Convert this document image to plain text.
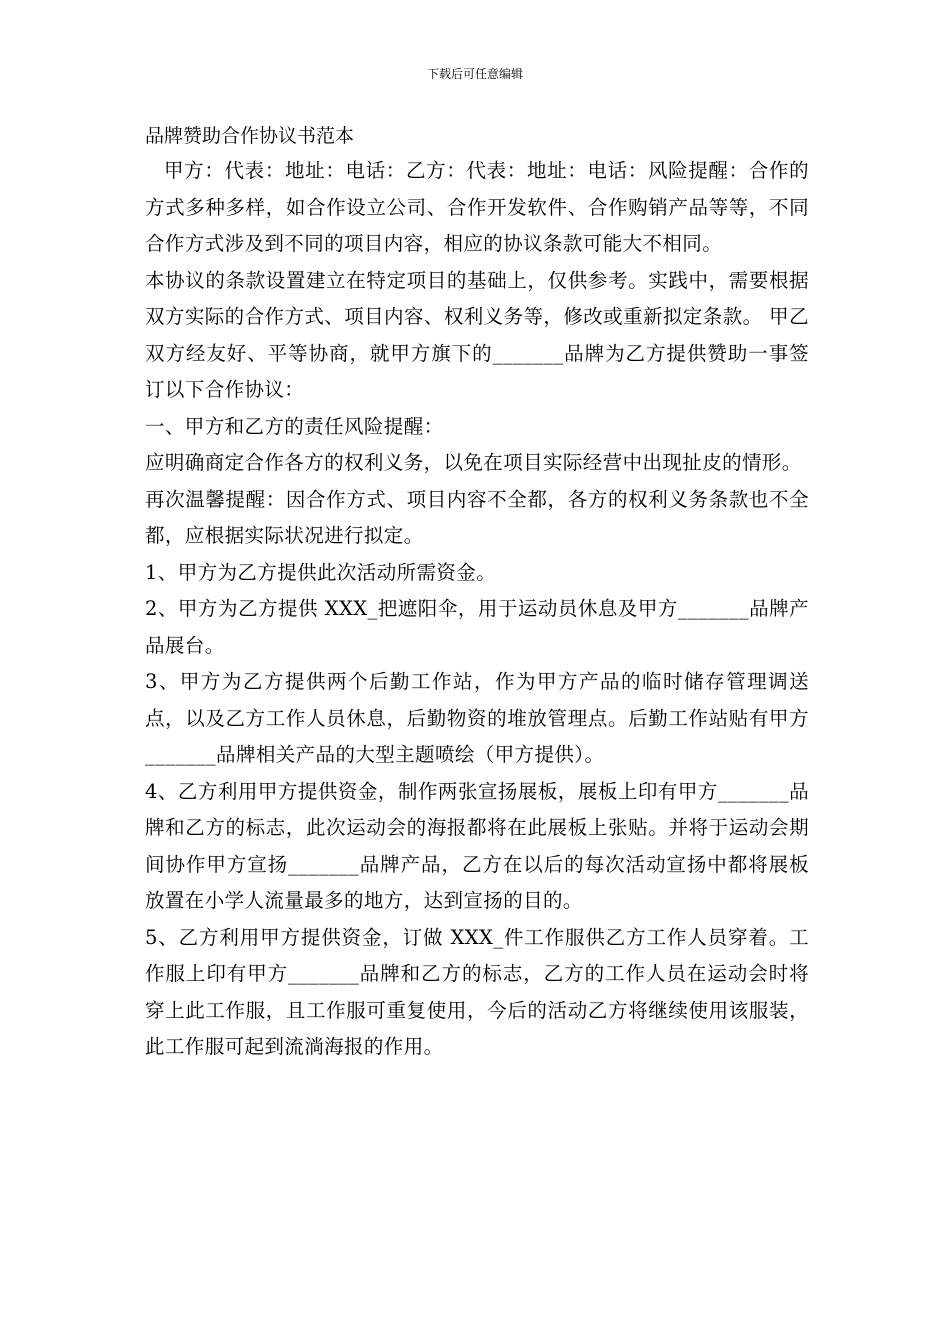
下载后可任意编辑
品牌赞助合作协议书范本

甲方：代表：地址：电话：乙方：代表：地址：电话：风险提醒：合作的方式多种多样，如合作设立公司、合作开发软件、合作购销产品等等，不同合作方式涉及到不同的项目内容，相应的协议条款可能大不相同。

本协议的条款设置建立在特定项目的基础上，仅供参考。实践中，需要根据双方实际的合作方式、项目内容、权利义务等，修改或重新拟定条款。 甲乙双方经友好、平等协商，就甲方旗下的_______品牌为乙方提供赞助一事签订以下合作协议：

一、甲方和乙方的责任风险提醒：

应明确商定合作各方的权利义务，以免在项目实际经营中出现扯皮的情形。

再次温馨提醒：因合作方式、项目内容不全都，各方的权利义务条款也不全都，应根据实际状况进行拟定。

1、甲方为乙方提供此次活动所需资金。

2、甲方为乙方提供 XXX_把遮阳伞，用于运动员休息及甲方_______品牌产品展台。

3、甲方为乙方提供两个后勤工作站，作为甲方产品的临时储存管理调送点，以及乙方工作人员休息，后勤物资的堆放管理点。后勤工作站贴有甲方_______品牌相关产品的大型主题喷绘（甲方提供）。

4、乙方利用甲方提供资金，制作两张宣扬展板，展板上印有甲方_______品牌和乙方的标志，此次运动会的海报都将在此展板上张贴。并将于运动会期间协作甲方宣扬_______品牌产品，乙方在以后的每次活动宣扬中都将展板放置在小学人流量最多的地方，达到宣扬的目的。

5、乙方利用甲方提供资金，订做 XXX_件工作服供乙方工作人员穿着。工作服上印有甲方_______品牌和乙方的标志，乙方的工作人员在运动会时将穿上此工作服，且工作服可重复使用，今后的活动乙方将继续使用该服装，此工作服可起到流淌海报的作用。
